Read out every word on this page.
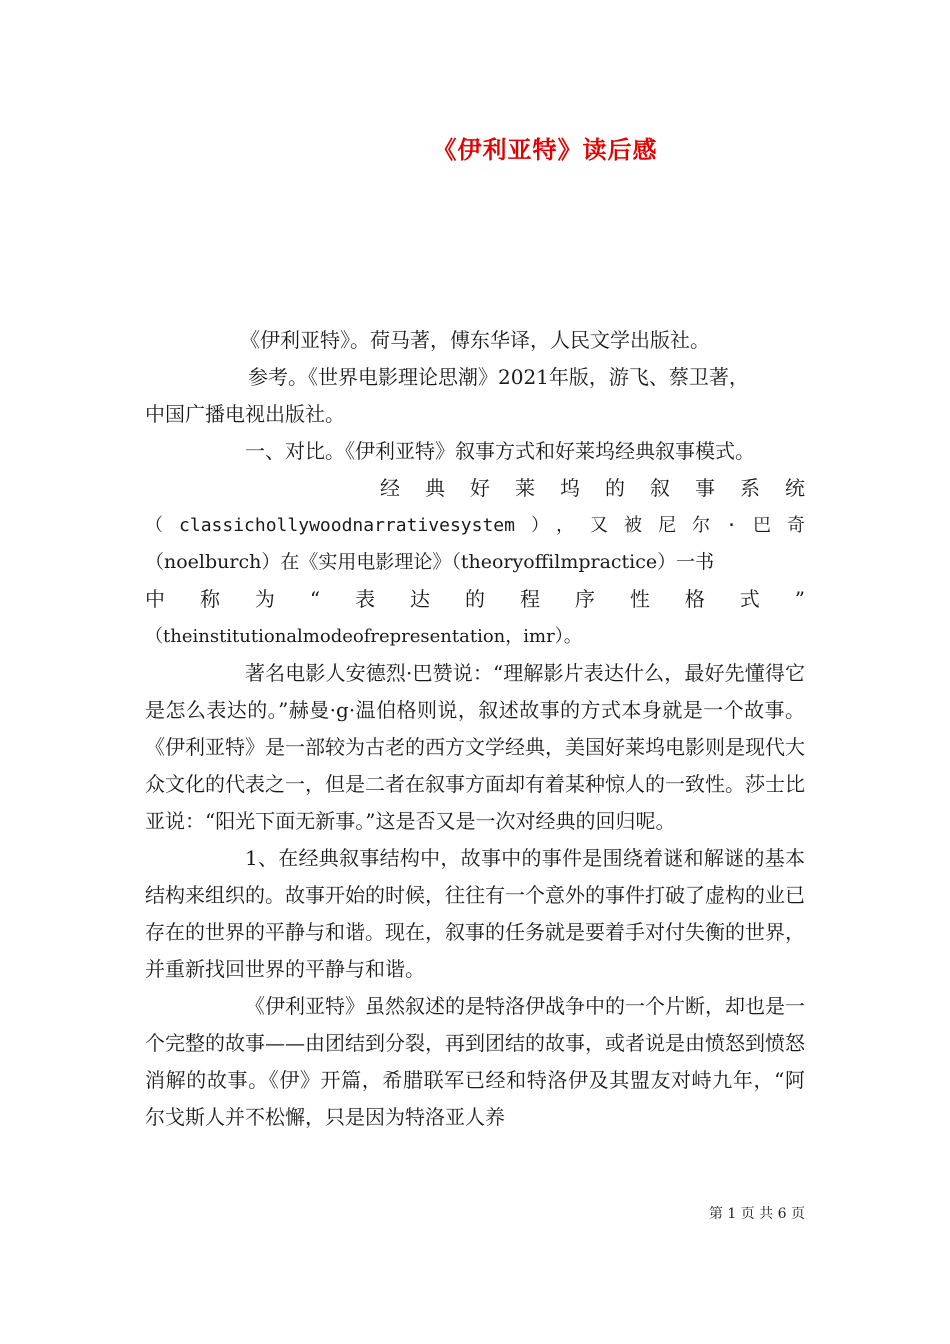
《伊利亚特》读后感

《伊利亚特》。荷马著，傅东华译，人民文学出版社。

参考。《世界电影理论思潮》2021年版，游飞、蔡卫著，

中国广播电视出版社。

一、对比。《伊利亚特》叙事方式和好莱坞经典叙事模式。

经典好莱坞的叙事系统

（classichollywoodnarrativesystem），又被尼尔·巴奇

（noelburch）在《实用电影理论》（theoryoffilmpractice）一书

中称为“表达的程序性格式”

（theinstitutionalmodeofrepresentation，imr）。

著名电影人安德烈·巴赞说：“理解影片表达什么，最好先懂得它是怎么表达的。”赫曼·g·温伯格则说，叙述故事的方式本身就是一个故事。《伊利亚特》是一部较为古老的西方文学经典，美国好莱坞电影则是现代大众文化的代表之一，但是二者在叙事方面却有着某种惊人的一致性。莎士比亚说：“阳光下面无新事。”这是否又是一次对经典的回归呢。

1、在经典叙事结构中，故事中的事件是围绕着谜和解谜的基本结构来组织的。故事开始的时候，往往有一个意外的事件打破了虚构的业已存在的世界的平静与和谐。现在，叙事的任务就是要着手对付失衡的世界，并重新找回世界的平静与和谐。

《伊利亚特》虽然叙述的是特洛伊战争中的一个片断，却也是一个完整的故事——由团结到分裂，再到团结的故事，或者说是由愤怒到愤怒消解的故事。《伊》开篇，希腊联军已经和特洛伊及其盟友对峙九年，“阿尔戈斯人并不松懈，只是因为特洛亚人养

第 1 页 共 6 页
